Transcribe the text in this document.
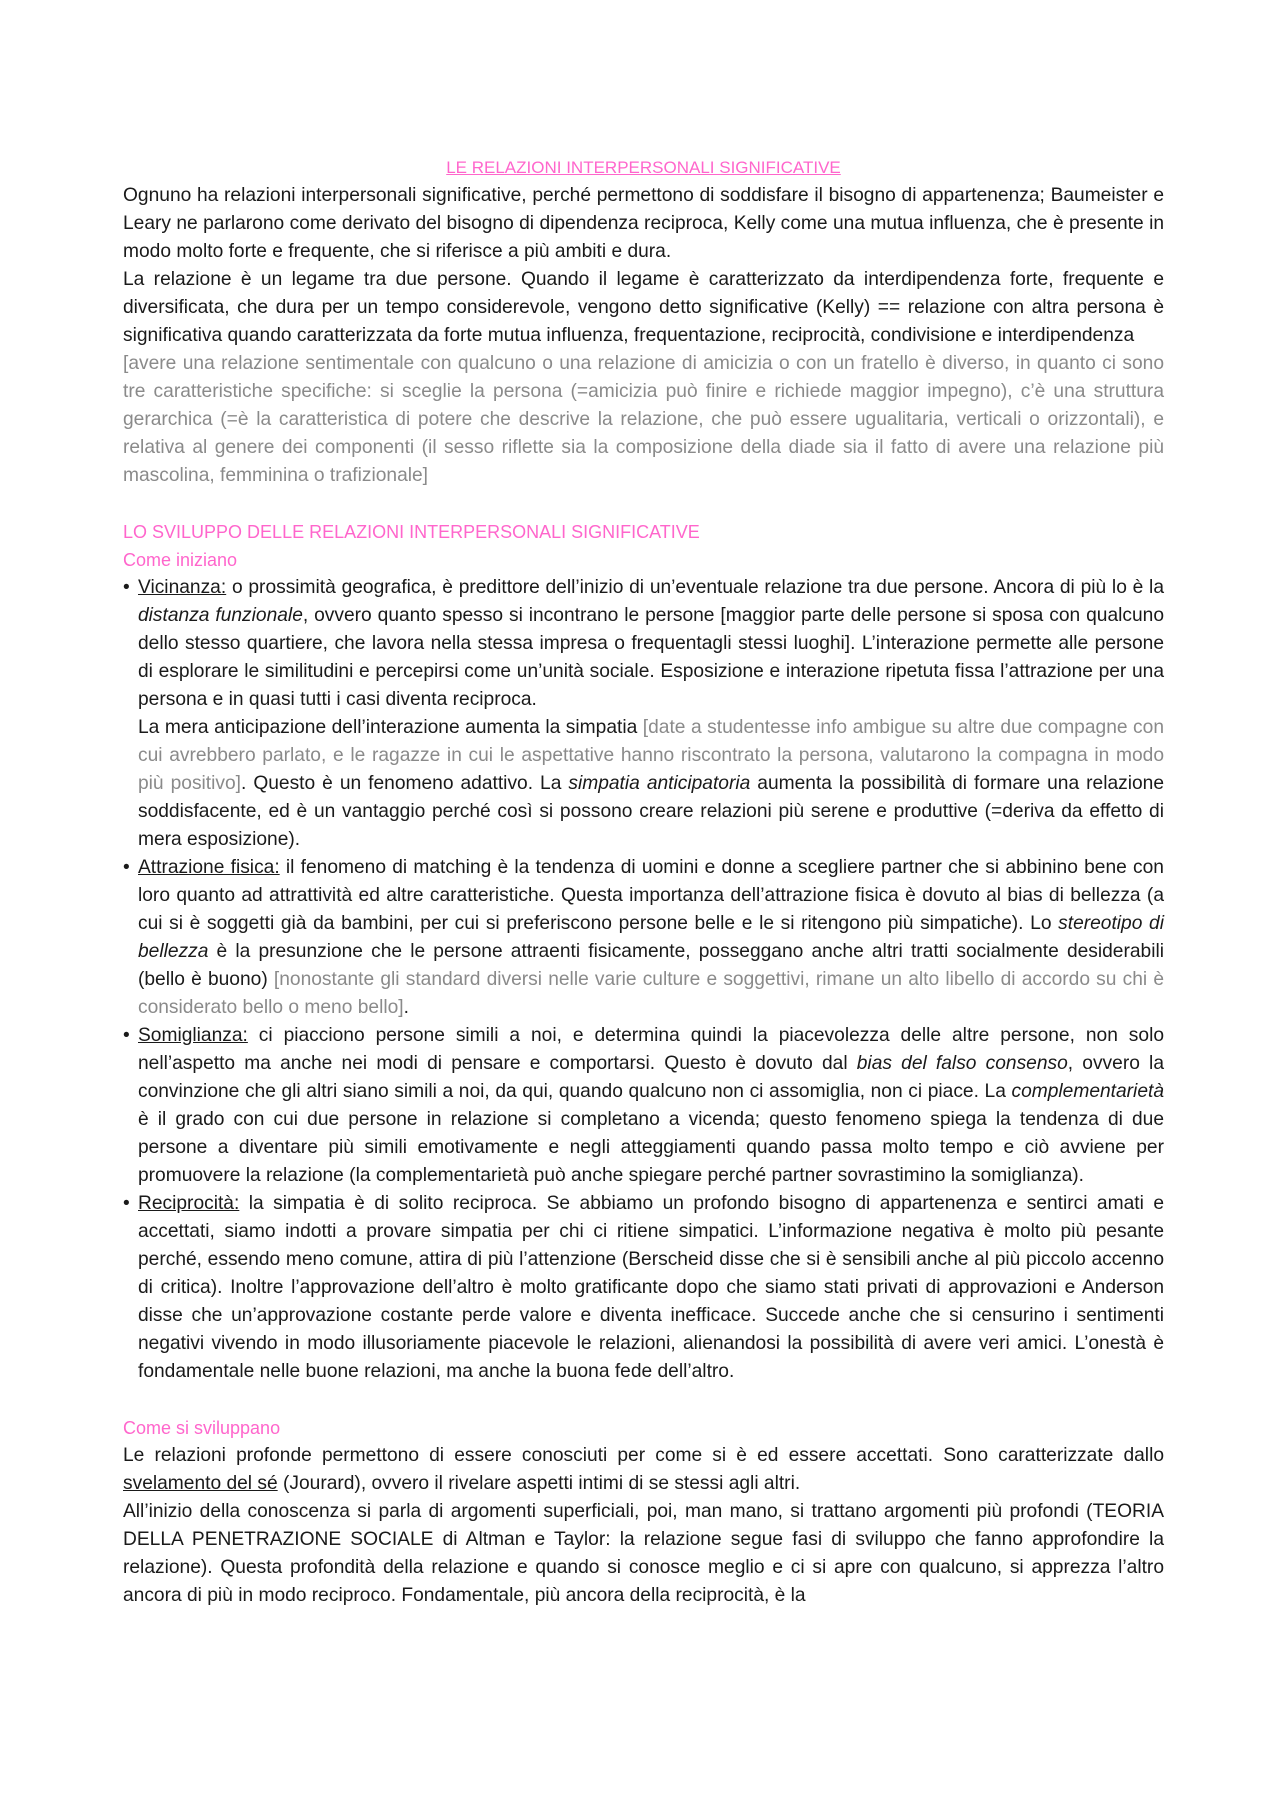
LE RELAZIONI INTERPERSONALI SIGNIFICATIVE

Ognuno ha relazioni interpersonali significative, perché permettono di soddisfare il bisogno di appartenenza; Baumeister e Leary ne parlarono come derivato del bisogno di dipendenza reciproca, Kelly come una mutua influenza, che è presente in modo molto forte e frequente, che si riferisce a più ambiti e dura.

La relazione è un legame tra due persone. Quando il legame è caratterizzato da interdipendenza forte, frequente e diversificata, che dura per un tempo considerevole, vengono detto significative (Kelly) == relazione con altra persona è significativa quando caratterizzata da forte mutua influenza, frequentazione, reciprocità, condivisione e interdipendenza

[avere una relazione sentimentale con qualcuno o una relazione di amicizia o con un fratello è diverso, in quanto ci sono tre caratteristiche specifiche: si sceglie la persona (=amicizia può finire e richiede maggior impegno), c’è una struttura gerarchica (=è la caratteristica di potere che descrive la relazione, che può essere ugualitaria, verticali o orizzontali), e relativa al genere dei componenti (il sesso riflette sia la composizione della diade sia il fatto di avere una relazione più mascolina, femminina o trafizionale]

LO SVILUPPO DELLE RELAZIONI INTERPERSONALI SIGNIFICATIVE

Come iniziano

• Vicinanza: o prossimità geografica, è predittore dell’inizio di un’eventuale relazione tra due persone. Ancora di più lo è la distanza funzionale, ovvero quanto spesso si incontrano le persone [maggior parte delle persone si sposa con qualcuno dello stesso quartiere, che lavora nella stessa impresa o frequentagli stessi luoghi]. L’interazione permette alle persone di esplorare le similitudini e percepirsi come un’unità sociale. Esposizione e interazione ripetuta fissa l’attrazione per una persona e in quasi tutti i casi diventa reciproca.
La mera anticipazione dell’interazione aumenta la simpatia [date a studentesse info ambigue su altre due compagne con cui avrebbero parlato, e le ragazze in cui le aspettative hanno riscontrato la persona, valutarono la compagna in modo più positivo]. Questo è un fenomeno adattivo. La simpatia anticipatoria aumenta la possibilità di formare una relazione soddisfacente, ed è un vantaggio perché così si possono creare relazioni più serene e produttive (=deriva da effetto di mera esposizione).
• Attrazione fisica: il fenomeno di matching è la tendenza di uomini e donne a scegliere partner che si abbinino bene con loro quanto ad attrattività ed altre caratteristiche. Questa importanza dell’attrazione fisica è dovuto al bias di bellezza (a cui si è soggetti già da bambini, per cui si preferiscono persone belle e le si ritengono più simpatiche). Lo stereotipo di bellezza è la presunzione che le persone attraenti fisicamente, posseggano anche altri tratti socialmente desiderabili (bello è buono) [nonostante gli standard diversi nelle varie culture e soggettivi, rimane un alto libello di accordo su chi è considerato bello o meno bello].
• Somiglianza: ci piacciono persone simili a noi, e determina quindi la piacevolezza delle altre persone, non solo nell’aspetto ma anche nei modi di pensare e comportarsi. Questo è dovuto dal bias del falso consenso, ovvero la convinzione che gli altri siano simili a noi, da qui, quando qualcuno non ci assomiglia, non ci piace. La complementarietà è il grado con cui due persone in relazione si completano a vicenda; questo fenomeno spiega la tendenza di due persone a diventare più simili emotivamente e negli atteggiamenti quando passa molto tempo e ciò avviene per promuovere la relazione (la complementarietà può anche spiegare perché partner sovrastimino la somiglianza).
• Reciprocità: la simpatia è di solito reciproca. Se abbiamo un profondo bisogno di appartenenza e sentirci amati e accettati, siamo indotti a provare simpatia per chi ci ritiene simpatici. L’informazione negativa è molto più pesante perché, essendo meno comune, attira di più l’attenzione (Berscheid disse che si è sensibili anche al più piccolo accenno di critica). Inoltre l’approvazione dell’altro è molto gratificante dopo che siamo stati privati di approvazioni e Anderson disse che un’approvazione costante perde valore e diventa inefficace. Succede anche che si censurino i sentimenti negativi vivendo in modo illusoriamente piacevole le relazioni, alienandosi la possibilità di avere veri amici. L’onestà è fondamentale nelle buone relazioni, ma anche la buona fede dell’altro.

Come si sviluppano

Le relazioni profonde permettono di essere conosciuti per come si è ed essere accettati. Sono caratterizzate dallo svelamento del sé (Jourard), ovvero il rivelare aspetti intimi di se stessi agli altri.

All’inizio della conoscenza si parla di argomenti superficiali, poi, man mano, si trattano argomenti più profondi (TEORIA DELLA PENETRAZIONE SOCIALE di Altman e Taylor: la relazione segue fasi di sviluppo che fanno approfondire la relazione). Questa profondità della relazione e quando si conosce meglio e ci si apre con qualcuno, si apprezza l’altro ancora di più in modo reciproco. Fondamentale, più ancora della reciprocità, è la
